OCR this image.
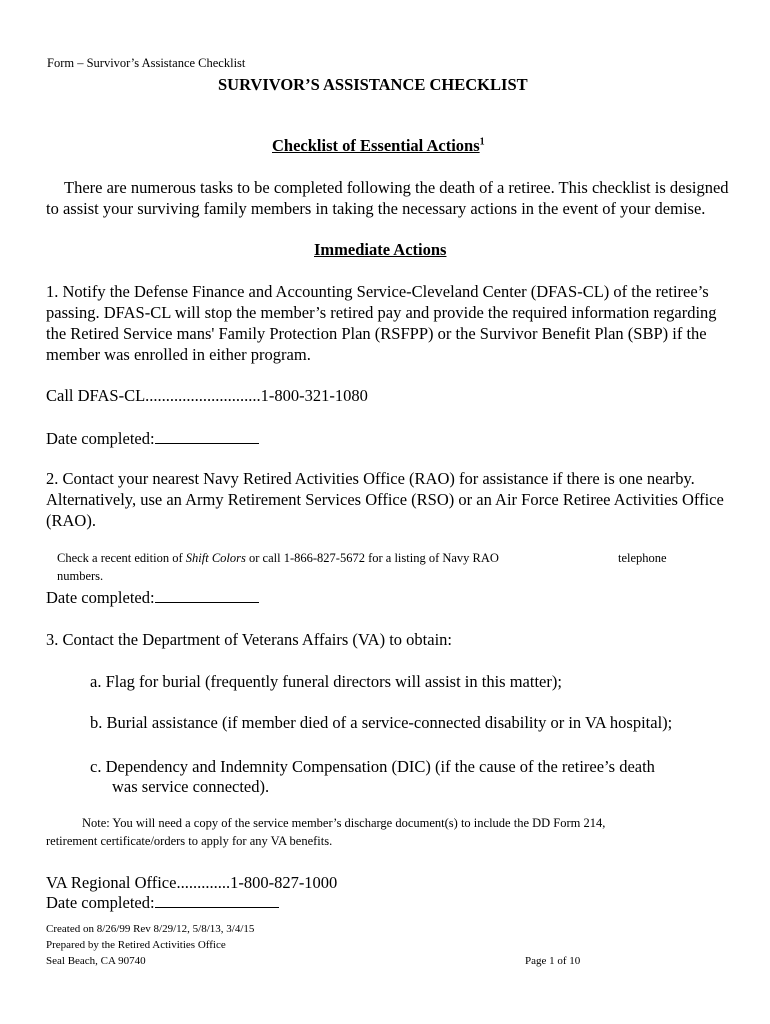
Form – Survivor’s Assistance Checklist
SURVIVOR’S ASSISTANCE CHECKLIST
Checklist of Essential Actions$^1$

There are numerous tasks to be completed following the death of a retiree. This checklist is designed to assist your surviving family members in taking the necessary actions in the event of your demise.

Immediate Actions

1. Notify the Defense Finance and Accounting Service-Cleveland Center (DFAS-CL) of the retiree’s passing. DFAS-CL will stop the member’s retired pay and provide the required information regarding the Retired Service mans' Family Protection Plan (RSFPP) or the Survivor Benefit Plan (SBP) if the member was enrolled in either program.

Call DFAS-CL............................1-800-321-1080
Date completed:

2. Contact your nearest Navy Retired Activities Office (RAO) for assistance if there is one nearby. Alternatively, use an Army Retirement Services Office (RSO) or an Air Force Retiree Activities Office (RAO).

Check a recent edition of Shift Colors or call 1-866-827-5672 for a listing of Navy RAO	telephone
numbers.
Date completed:
3. Contact the Department of Veterans Affairs (VA) to obtain:
a. Flag for burial (frequently funeral directors will assist in this matter);
b. Burial assistance (if member died of a service-connected disability or in VA hospital);
c. Dependency and Indemnity Compensation (DIC) (if the cause of the retiree’s death
was service connected).
Note: You will need a copy of the service member’s discharge document(s) to include the DD Form 214,
retirement certificate/orders to apply for any VA benefits.
VA Regional Office.............1-800-827-1000
Date completed:
Created on 8/26/99 Rev 8/29/12, 5/8/13, 3/4/15
Prepared by the Retired Activities Office
Seal Beach, CA 90740	Page 1 of 10
